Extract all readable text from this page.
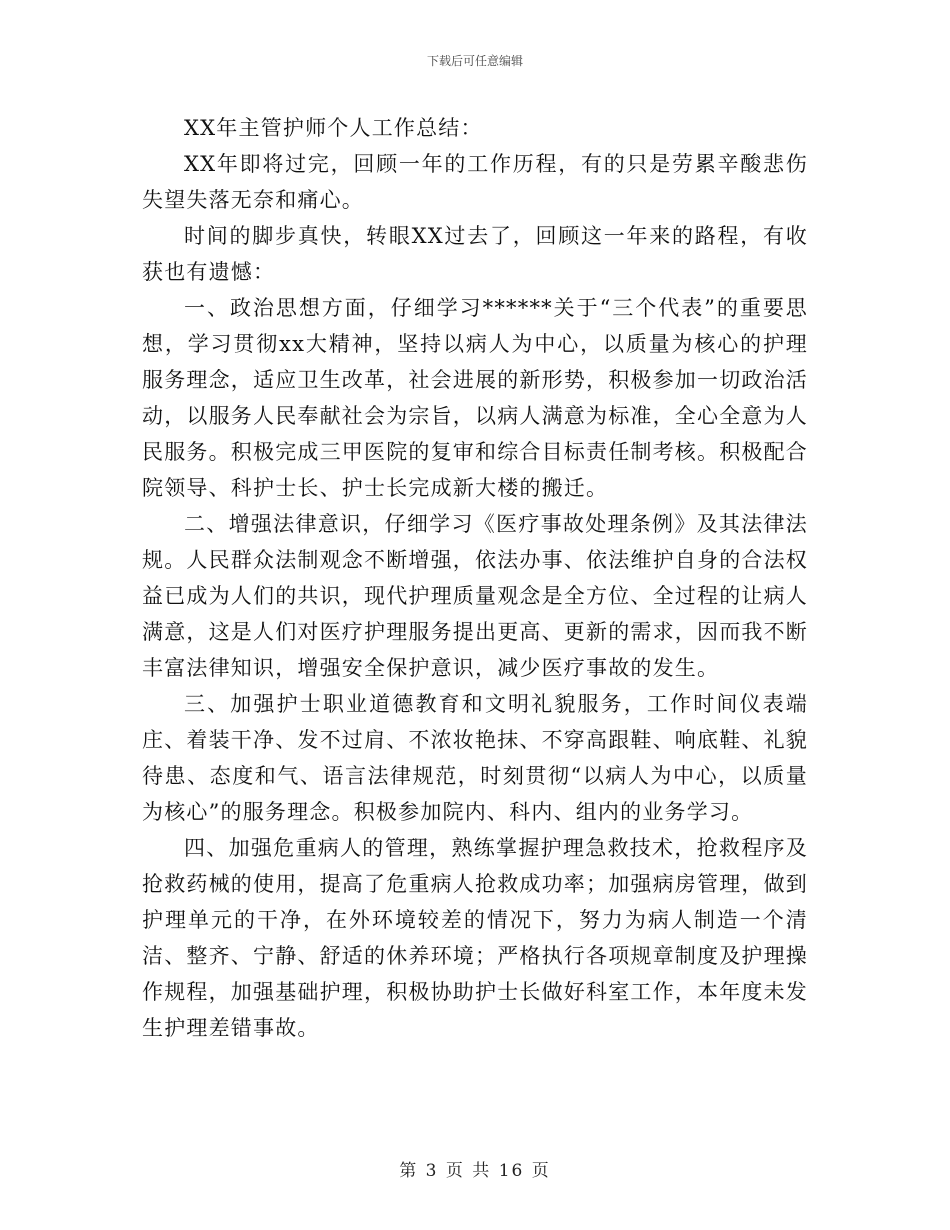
下载后可任意编辑

XX年主管护师个人工作总结：

XX年即将过完，回顾一年的工作历程，有的只是劳累辛酸悲伤失望失落无奈和痛心。

时间的脚步真快，转眼XX过去了，回顾这一年来的路程，有收获也有遗憾：

一、政治思想方面，仔细学习******关于“三个代表”的重要思想，学习贯彻xx大精神，坚持以病人为中心，以质量为核心的护理服务理念，适应卫生改革，社会进展的新形势，积极参加一切政治活动，以服务人民奉献社会为宗旨，以病人满意为标准，全心全意为人民服务。积极完成三甲医院的复审和综合目标责任制考核。积极配合院领导、科护士长、护士长完成新大楼的搬迁。

二、增强法律意识，仔细学习《医疗事故处理条例》及其法律法规。人民群众法制观念不断增强，依法办事、依法维护自身的合法权益已成为人们的共识，现代护理质量观念是全方位、全过程的让病人满意，这是人们对医疗护理服务提出更高、更新的需求，因而我不断丰富法律知识，增强安全保护意识，减少医疗事故的发生。

三、加强护士职业道德教育和文明礼貌服务，工作时间仪表端庄、着装干净、发不过肩、不浓妆艳抹、不穿高跟鞋、响底鞋、礼貌待患、态度和气、语言法律规范，时刻贯彻“以病人为中心，以质量为核心”的服务理念。积极参加院内、科内、组内的业务学习。

四、加强危重病人的管理，熟练掌握护理急救技术，抢救程序及抢救药械的使用，提高了危重病人抢救成功率；加强病房管理，做到护理单元的干净，在外环境较差的情况下，努力为病人制造一个清洁、整齐、宁静、舒适的休养环境；严格执行各项规章制度及护理操作规程，加强基础护理，积极协助护士长做好科室工作，本年度未发生护理差错事故。

第 3 页 共 16 页
